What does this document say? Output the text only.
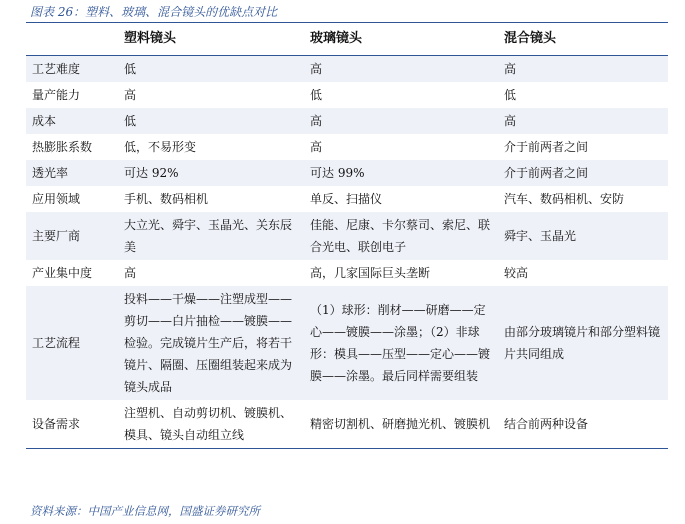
图表 26：塑料、玻璃、混合镜头的优缺点对比
	塑料镜头	玻璃镜头	混合镜头
工艺难度	低	高	高
量产能力	高	低	低
成本	低	高	高
热膨胀系数	低，不易形变	高	介于前两者之间
透光率	可达 92%	可达 99%	介于前两者之间
应用领域	手机、数码相机	单反、扫描仪	汽车、数码相机、安防
主要厂商	大立光、舜宇、玉晶光、关东辰美	佳能、尼康、卡尔蔡司、索尼、联合光电、联创电子	舜宇、玉晶光
产业集中度	高	高，几家国际巨头垄断	较高
工艺流程	投料——干燥——注塑成型——剪切——白片抽检——镀膜——检验。完成镜片生产后，将若干镜片、隔圈、压圈组装起来成为镜头成品	（1）球形：削材——研磨——定心——镀膜——涂墨；（2）非球形：模具——压型——定心——镀膜——涂墨。最后同样需要组装	由部分玻璃镜片和部分塑料镜片共同组成
设备需求	注塑机、自动剪切机、镀膜机、模具、镜头自动组立线	精密切割机、研磨抛光机、镀膜机	结合前两种设备
资料来源：中国产业信息网，国盛证券研究所
